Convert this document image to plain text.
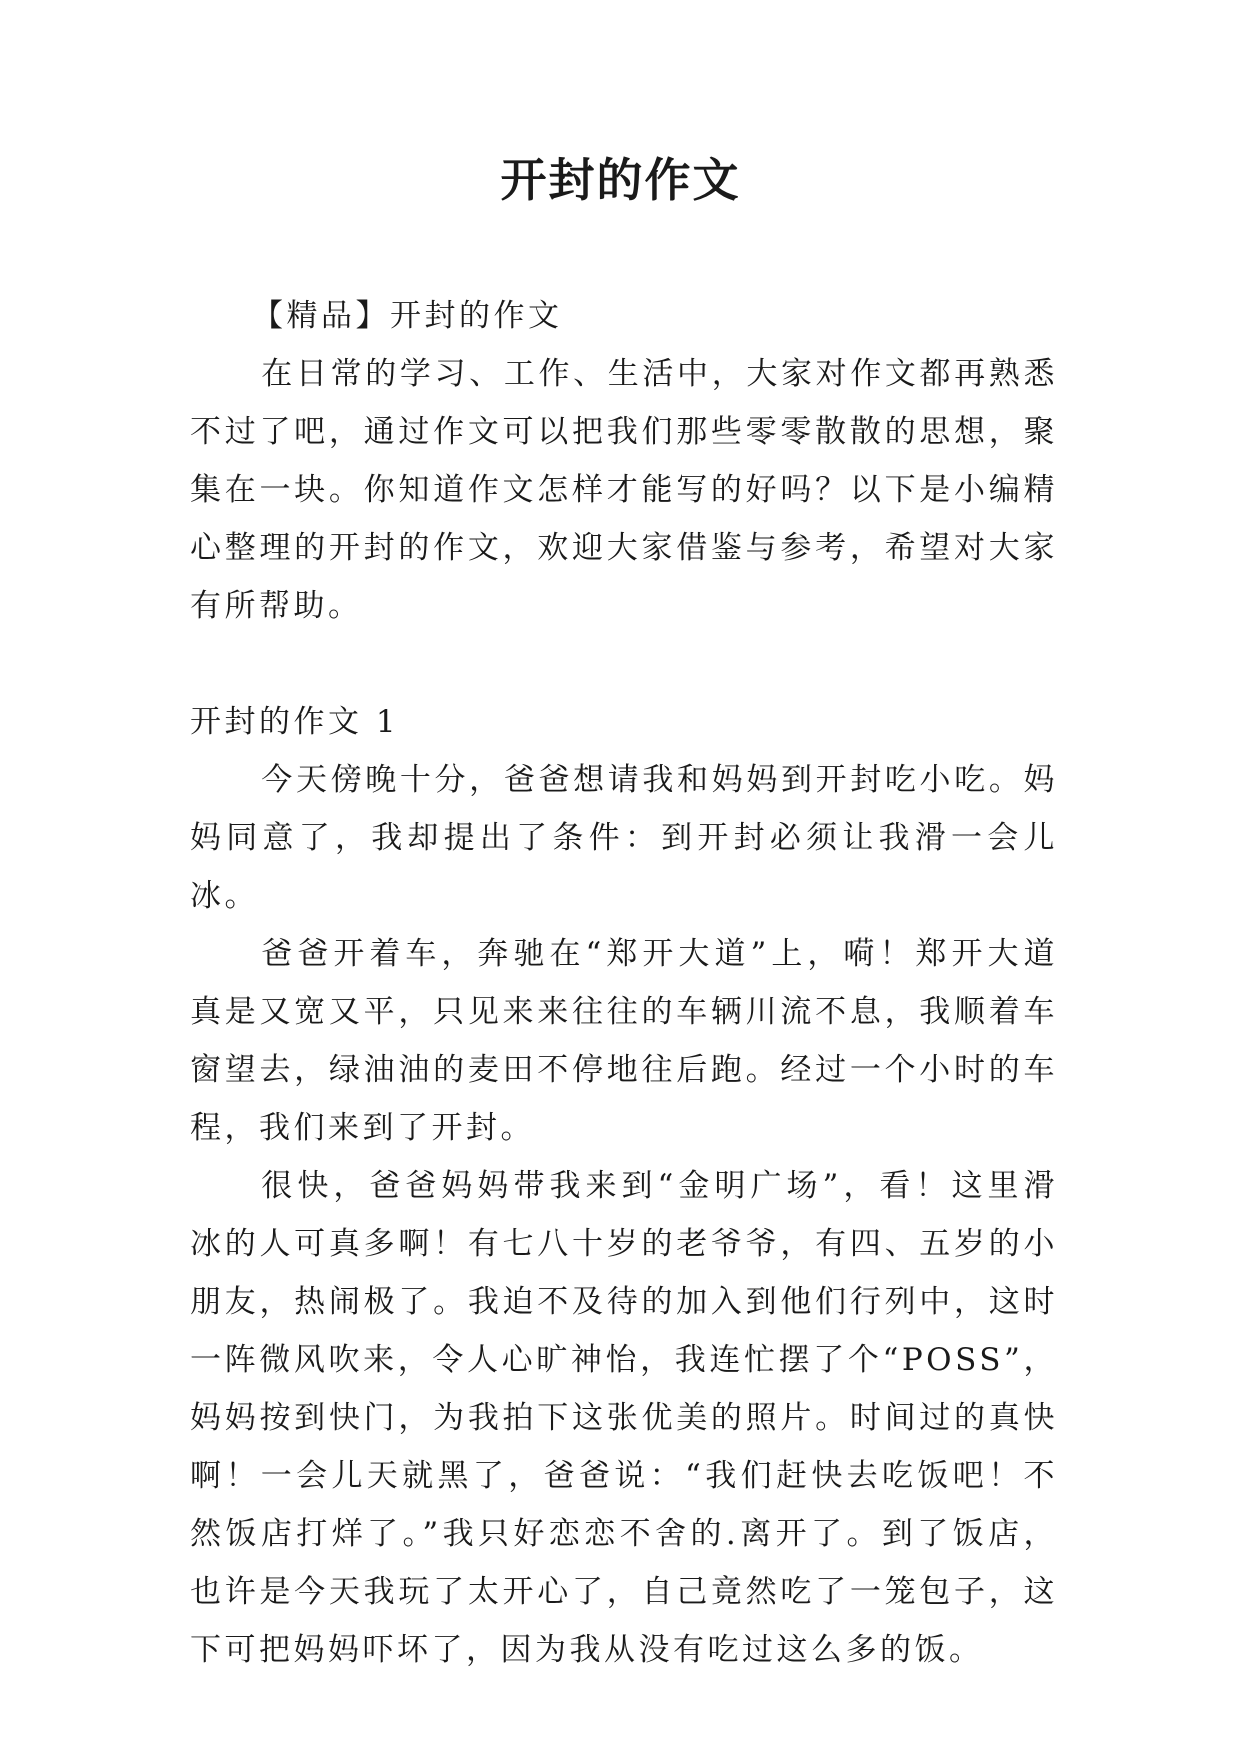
开封的作文

【精品】开封的作文

在日常的学习、工作、生活中，大家对作文都再熟悉不过了吧，通过作文可以把我们那些零零散散的思想，聚集在一块。你知道作文怎样才能写的好吗？以下是小编精心整理的开封的作文，欢迎大家借鉴与参考，希望对大家有所帮助。

开封的作文 1

今天傍晚十分，爸爸想请我和妈妈到开封吃小吃。妈妈同意了，我却提出了条件：到开封必须让我滑一会儿冰。

爸爸开着车，奔驰在“郑开大道”上，嗬！郑开大道真是又宽又平，只见来来往往的车辆川流不息，我顺着车窗望去，绿油油的麦田不停地往后跑。经过一个小时的车程，我们来到了开封。

很快，爸爸妈妈带我来到“金明广场”，看！这里滑冰的人可真多啊！有七八十岁的老爷爷，有四、五岁的小朋友，热闹极了。我迫不及待的加入到他们行列中，这时一阵微风吹来，令人心旷神怡，我连忙摆了个“POSS”，妈妈按到快门，为我拍下这张优美的照片。时间过的真快啊！一会儿天就黑了，爸爸说：“我们赶快去吃饭吧！不然饭店打烊了。”我只好恋恋不舍的.离开了。到了饭店，也许是今天我玩了太开心了，自己竟然吃了一笼包子，这下可把妈妈吓坏了，因为我从没有吃过这么多的饭。
